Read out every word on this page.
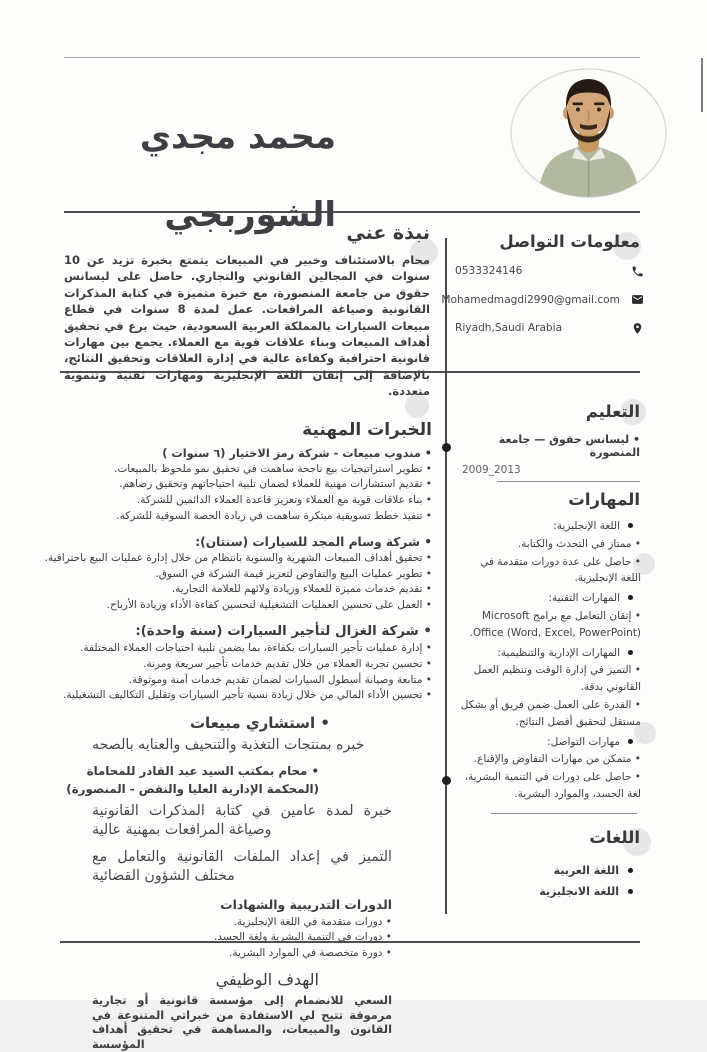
محمد مجدي الشوربجي نبذة عني

محام بالاستئناف وخبير في المبيعات يتمتع بخبرة تزيد عن 10 سنوات في المجالين القانوني والتجاري. حاصل على ليسانس حقوق من جامعة المنصورة، مع خبرة متميزة في كتابة المذكرات القانونية وصياغة المرافعات. عمل لمدة 8 سنوات في قطاع مبيعات السيارات بالمملكة العربية السعودية، حيث برع في تحقيق أهداف المبيعات وبناء علاقات قوية مع العملاء. يجمع بين مهارات قانونية احترافية وكفاءة عالية في إدارة العلاقات وتحقيق النتائج، بالإضافة إلى إتقان اللغة الإنجليزية ومهارات تقنية وتنموية متعددة.

الخبرات المهنية
• مندوب مبيعات - شركة رمز الاختيار (٦ سنوات )
• تطوير استراتيجيات بيع ناجحة ساهمت في تحقيق نمو ملحوظ بالمبيعات.
• تقديم استشارات مهنية للعملاء لضمان تلبية احتياجاتهم وتحقيق رضاهم.
• بناء علاقات قوية مع العملاء وتعزيز قاعدة العملاء الدائمين للشركة.
• تنفيذ خطط تسويقية مبتكرة ساهمت في زيادة الحصة السوقية للشركة.
• شركة وسام المجد للسيارات (سنتان):
• تحقيق أهداف المبيعات الشهرية والسنوية بانتظام من خلال إدارة عمليات البيع باحترافية.
• تطوير عمليات البيع والتفاوض لتعزيز قيمة الشركة في السوق.
• تقديم خدمات مميزة للعملاء وزيادة ولائهم للعلامة التجارية.
• العمل على تحسين العمليات التشغيلية لتحسين كفاءة الأداء وزيادة الأرباح.
• شركة الغزال لتأجير السيارات (سنة واحدة):
• إدارة عمليات تأجير السيارات بكفاءة، بما يضمن تلبية احتياجات العملاء المختلفة.
• تحسين تجربة العملاء من خلال تقديم خدمات تأجير سريعة ومرنة.
• متابعة وصيانة أسطول السيارات لضمان تقديم خدمات آمنة وموثوقة.
• تحسين الأداء المالي من خلال زيادة نسبة تأجير السيارات وتقليل التكاليف التشغيلية.
• استشاري مبيعات
خبره بمنتجات التغذية والتنحيف والعنايه بالصحه
• محام بمكتب السيد عبد القادر للمحاماة
(المحكمة الإدارية العليا والنقض - المنصورة)
خبرة لمدة عامين في كتابة المذكرات القانونية وصياغة المرافعات بمهنية عالية
التميز في إعداد الملفات القانونية والتعامل مع مختلف الشؤون القضائية
الدورات التدريبية والشهادات
• دورات متقدمة في اللغة الإنجليزية.
• دورات في التنمية البشرية ولغة الجسد.
• دورة متخصصة في الموارد البشرية.
الهدف الوظيفي

السعي للانضمام إلى مؤسسة قانونية أو تجارية مرموقة تتيح لي الاستفادة من خبراتي المتنوعة في القانون والمبيعات، والمساهمة في تحقيق أهداف المؤسسة

معلومات التواصل
0533324146
Mohamedmagdi2990@gmail.com
Riyadh,Saudi Arabia
التعليم
• ليسانس حقوق — جامعة المنصورة
2009_2013
المهارات
اللغة الإنجليزية:
• ممتاز في التحدث والكتابة.
• حاصل على عدة دورات متقدمة في اللغة الإنجليزية.
المهارات التقنية:
• إتقان التعامل مع برامج Microsoft Office (Word, Excel, PowerPoint).
المهارات الإدارية والتنظيمية:
• التميز في إدارة الوقت وتنظيم العمل القانوني بدقة.
• القدرة على العمل ضمن فريق أو بشكل مستقل لتحقيق أفضل النتائج.
مهارات التواصل:
• متمكن من مهارات التفاوض والإقناع.
• حاصل على دورات في التنمية البشرية، لغة الجسد، والموارد البشرية.
اللغات
اللغة العربية
اللغة الانجليزية
